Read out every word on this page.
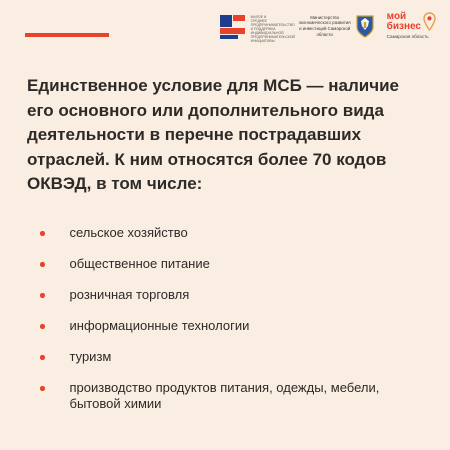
МАЛОЕ И СРЕДНЕЕ ПРЕДПРИНИМАТЕЛЬСТВО И ПОДДЕРЖКА ИНДИВИДУАЛЬНОЙ ПРЕДПРИНИМАТЕЛЬСКОЙ ИНИЦИАТИВЫ
Министерство экономического развития и инвестиций Самарской области
мой
бизнес
Самарская область
Единственное условие для МСБ — наличие его основного или дополнительного вида деятельности в перечне пострадавших отраслей. К ним относятся более 70 кодов ОКВЭД, в том числе:
сельское хозяйство
общественное питание
розничная торговля
информационные технологии
туризм
производство продуктов питания, одежды, мебели, бытовой химии
